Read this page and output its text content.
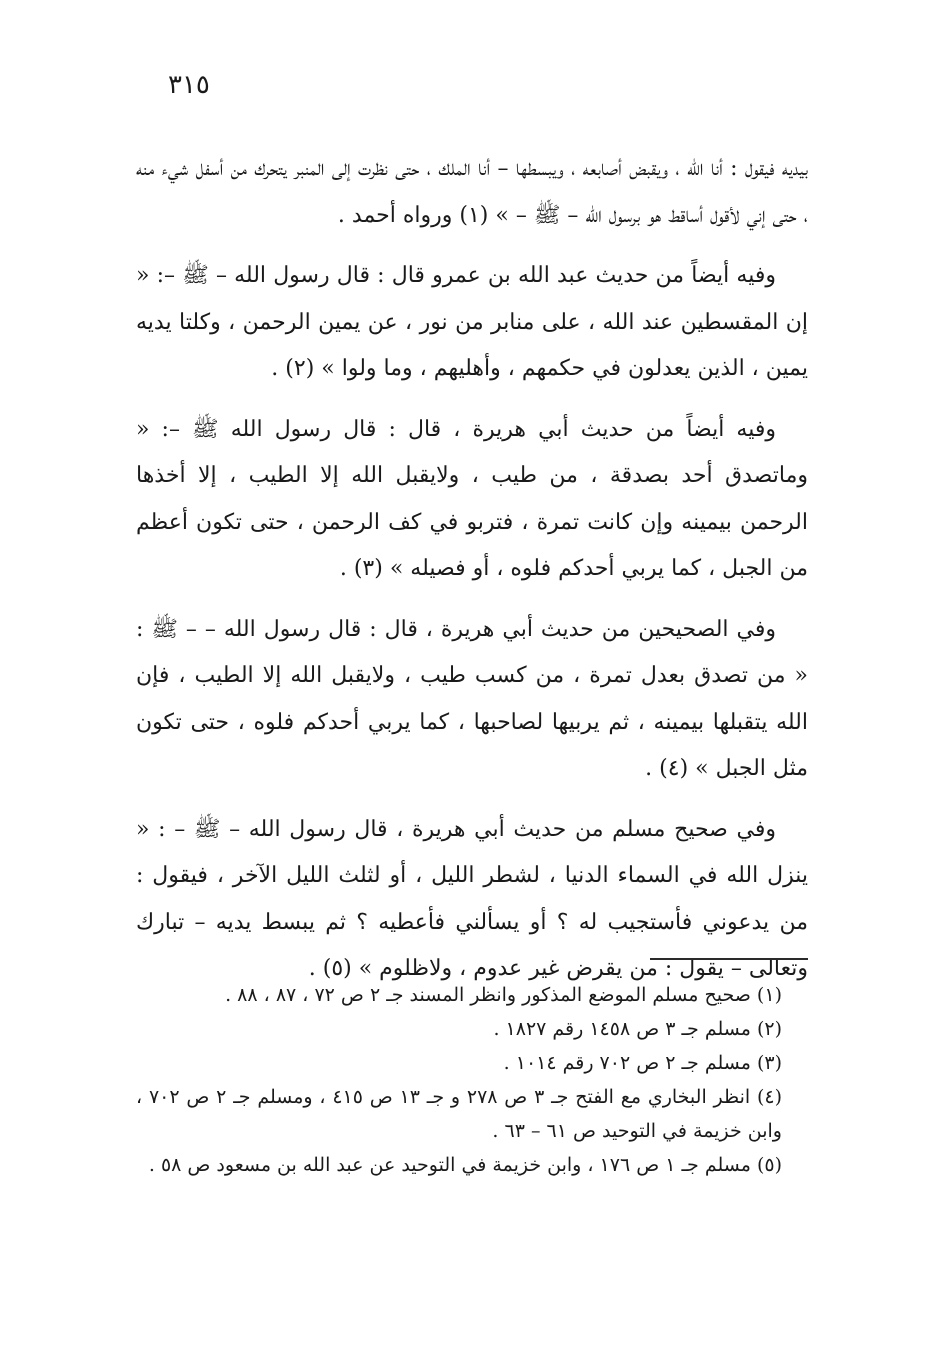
٣١٥

بيديه فيقول : أنا الله ، ويقبض أصابعه ، ويبسطها – أنا الملك ، حتى نظرت إلى المنبر يتحرك من أسفل شيء منه ، حتى إني لأقول أساقط هو برسول الله – ﷺ – » (١) ورواه أحمد .

وفيه أيضاً من حديث عبد الله بن عمرو قال : قال رسول الله – ﷺ –: « إن المقسطين عند الله ، على منابر من نور ، عن يمين الرحمن ، وكلتا يديه يمين ، الذين يعدلون في حكمهم ، وأهليهم ، وما ولوا » (٢) .

وفيه أيضاً من حديث أبي هريرة ، قال : قال رسول الله ﷺ –: « وماتصدق أحد بصدقة ، من طيب ، ولايقبل الله إلا الطيب ، إلا أخذها الرحمن بيمينه وإن كانت تمرة ، فتربو في كف الرحمن ، حتى تكون أعظم من الجبل ، كما يربي أحدكم فلوه ، أو فصيله » (٣) .

وفي الصحيحين من حديث أبي هريرة ، قال : قال رسول الله – – ﷺ : « من تصدق بعدل تمرة ، من كسب طيب ، ولايقبل الله إلا الطيب ، فإن الله يتقبلها بيمينه ، ثم يربيها لصاحبها ، كما يربي أحدكم فلوه ، حتى تكون مثل الجبل » (٤) .

وفي صحيح مسلم من حديث أبي هريرة ، قال رسول الله – ﷺ – : « ينزل الله في السماء الدنيا ، لشطر الليل ، أو لثلث الليل الآخر ، فيقول : من يدعوني فأستجيب له ؟ أو يسألني فأعطيه ؟ ثم يبسط يديه – تبارك وتعالى – يقول : من يقرض غير عدوم ، ولاظلوم » (٥) .

(١) صحيح مسلم الموضع المذكور وانظر المسند جـ ٢ ص ٧٢ ، ٨٧ ، ٨٨ .
(٢) مسلم جـ ٣ ص ١٤٥٨ رقم ١٨٢٧ .
(٣) مسلم جـ ٢ ص ٧٠٢ رقم ١٠١٤ .
(٤) انظر البخاري مع الفتح جـ ٣ ص ٢٧٨ و جـ ١٣ ص ٤١٥ ، ومسلم جـ ٢ ص ٧٠٢ ، وابن خزيمة في التوحيد ص ٦١ – ٦٣ .
(٥) مسلم جـ ١ ص ١٧٦ ، وابن خزيمة في التوحيد عن عبد الله بن مسعود ص ٥٨ .
